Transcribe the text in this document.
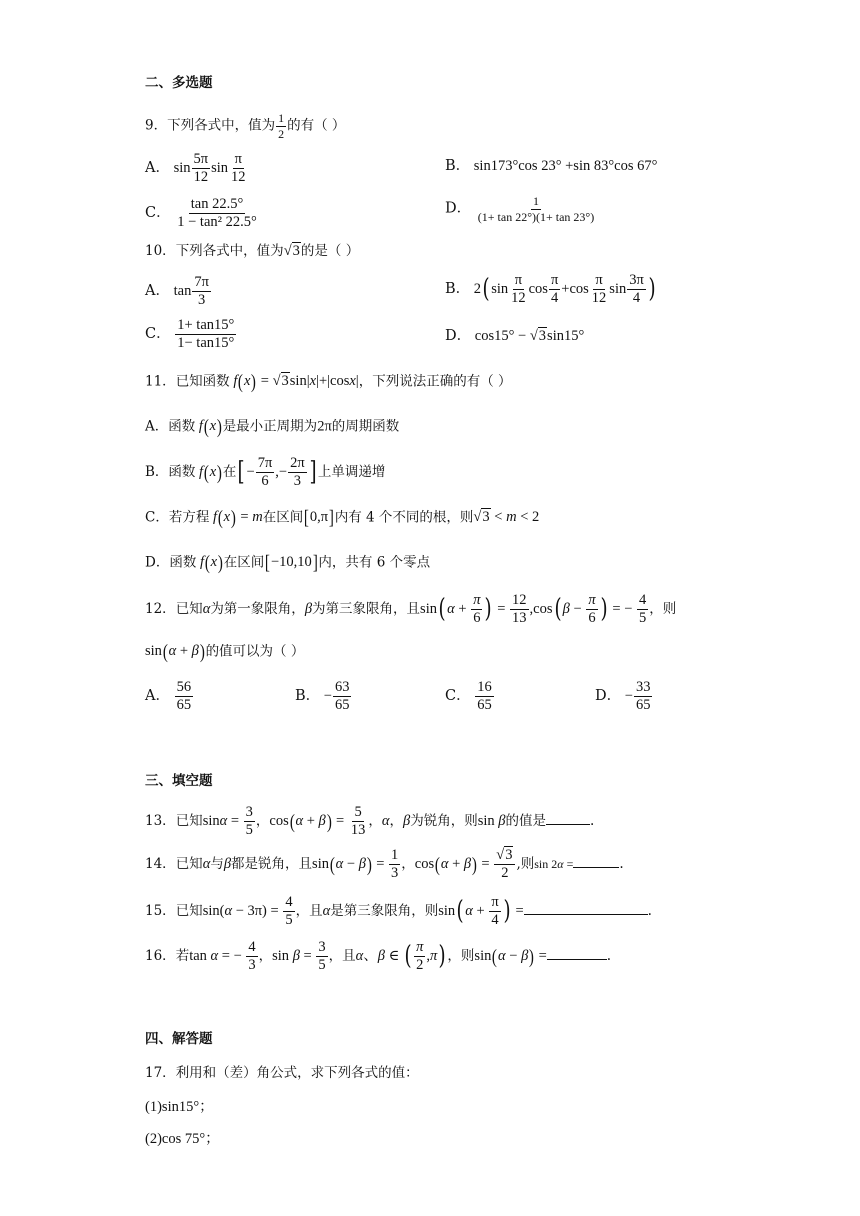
二、多选题
9．下列各式中，值为 $\frac{1}{2}$ 的有（ ）
A． $\sin \frac{5\pi}{12}$ $\sin \frac{\pi}{12}$	B． sin173°cos 23° +sin 83°cos 67°
C． $\frac{\tan 22.5^\circ}{\text{1 − tan² 22.5°}}$	D． $\frac{1}{(1+ \tan 22^\circ)(1+ \tan 23^\circ)}$
10．下列各式中，值为√3的是（ ）
A． $\tan \frac{7\pi}{3}$	B． 2( $\sin \frac{\pi}{12}$ $\cos \frac{\pi}{4} +\cos \frac{\pi}{12}$ $\sin \frac{3\pi}{4}$ )
C． $\frac{1+ \tan 15^\circ}{1- \tan 15^\circ}$	D． cos15° − √3sin15°
11．已知函数 f(x) = √3sin|x|+|cosx|，下列说法正确的有（ ）
A．函数 f(x)是最小正周期为2π的周期函数
B．函数 f(x)在[ − $\frac{7\pi}{6}$ ,− $\frac{2\pi}{3}$ ] 上单调递增
C．若方程 f(x) = m在区间[0,π]内有 4 个不同的根，则√3 < m < 2
D．函数 f(x)在区间[−10,10]内，共有 6 个零点
12．已知α为第一象限角，β为第三象限角，且sin( $\alpha + \frac{\pi}{6}$ ) = $\frac{12}{13} ,\cos$( $\beta - \frac{\pi}{6}$ ) = − $\frac{4}{5}$ ，则
sin(α + β)的值可以为（ ）
A． $\frac{56}{65}$	B． − $\frac{63}{65}$	C． $\frac{16}{65}$	D． − $\frac{33}{65}$
三、填空题
13．已知$\sin\alpha = \frac{3}{5}$ ，$\cos(\alpha + \beta) = \frac{5}{13}$ ，α，β为锐角，则sin β的值是	.
14．已知α与β都是锐角，且$\sin(\alpha - \beta) = \frac{1}{3}$ ，$\cos(\alpha + \beta) = \frac{√3}{2}$ ,则sin 2α =	.
15．已知$\sin(\alpha - 3\pi) = \frac{4}{5}$ ，且α是第三象限角，则sin( $\alpha + \frac{\pi}{4}$ ) =	.
16．若tan α = − $\frac{4}{3}$ ，$\sin \beta = \frac{3}{5}$ ，且α、β ∈ ( $\frac{\pi}{2} ,\pi$) ，则sin(α − β) =	.
四、解答题
17．利用和（差）角公式，求下列各式的值：
(1)sin15°；
(2)cos 75°；
